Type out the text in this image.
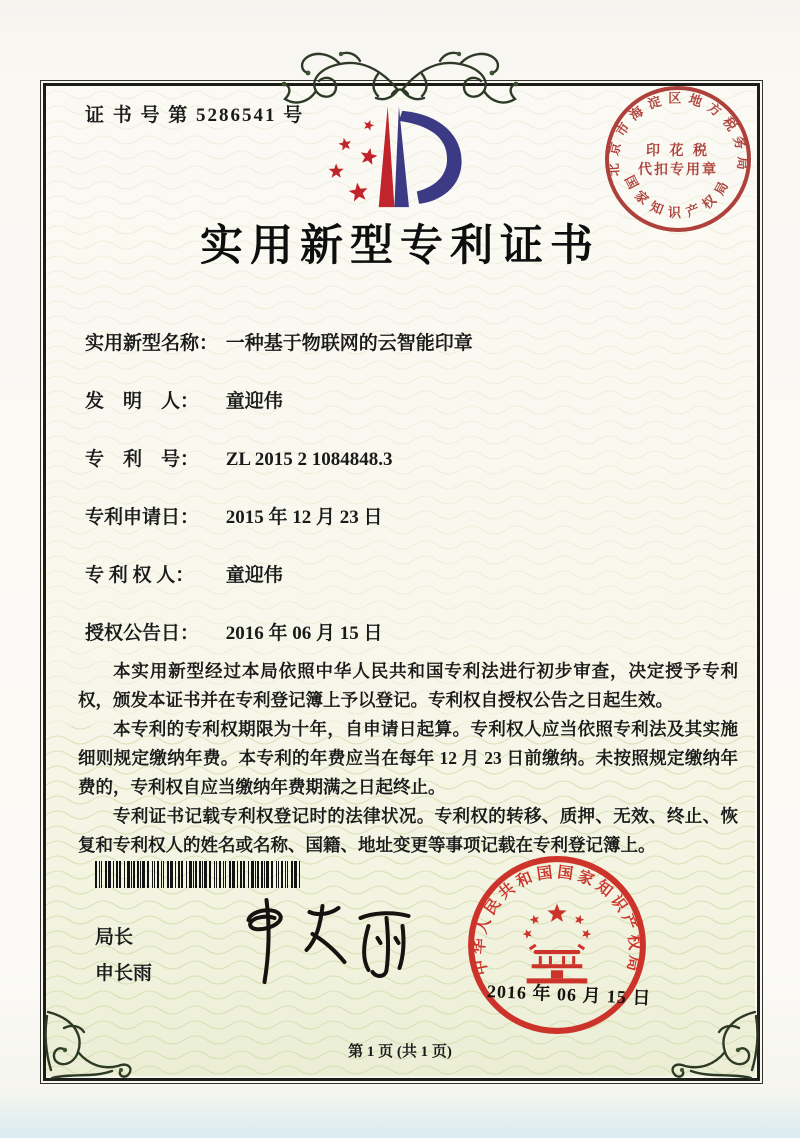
证 书 号 第 5286541 号
北京市海淀区地方税务局
印 花 税
代扣专用章
国家知识产权局
实用新型专利证书
实用新型名称： 一种基于物联网的云智能印章
发　明　人： 童迎伟
专　利　号： ZL 2015 2 1084848.3
专利申请日： 2015 年 12 月 23 日
专 利 权 人： 童迎伟
授权公告日： 2016 年 06 月 15 日

本实用新型经过本局依照中华人民共和国专利法进行初步审查，决定授予专利权，颁发本证书并在专利登记簿上予以登记。专利权自授权公告之日起生效。

本专利的专利权期限为十年，自申请日起算。专利权人应当依照专利法及其实施细则规定缴纳年费。本专利的年费应当在每年 12 月 23 日前缴纳。未按照规定缴纳年费的，专利权自应当缴纳年费期满之日起终止。

专利证书记载专利权登记时的法律状况。专利权的转移、质押、无效、终止、恢复和专利权人的姓名或名称、国籍、地址变更等事项记载在专利登记簿上。

局长
申长雨	中华人民共和国国家知识产权局
2016 年 06 月 15 日
第 1 页 (共 1 页)
